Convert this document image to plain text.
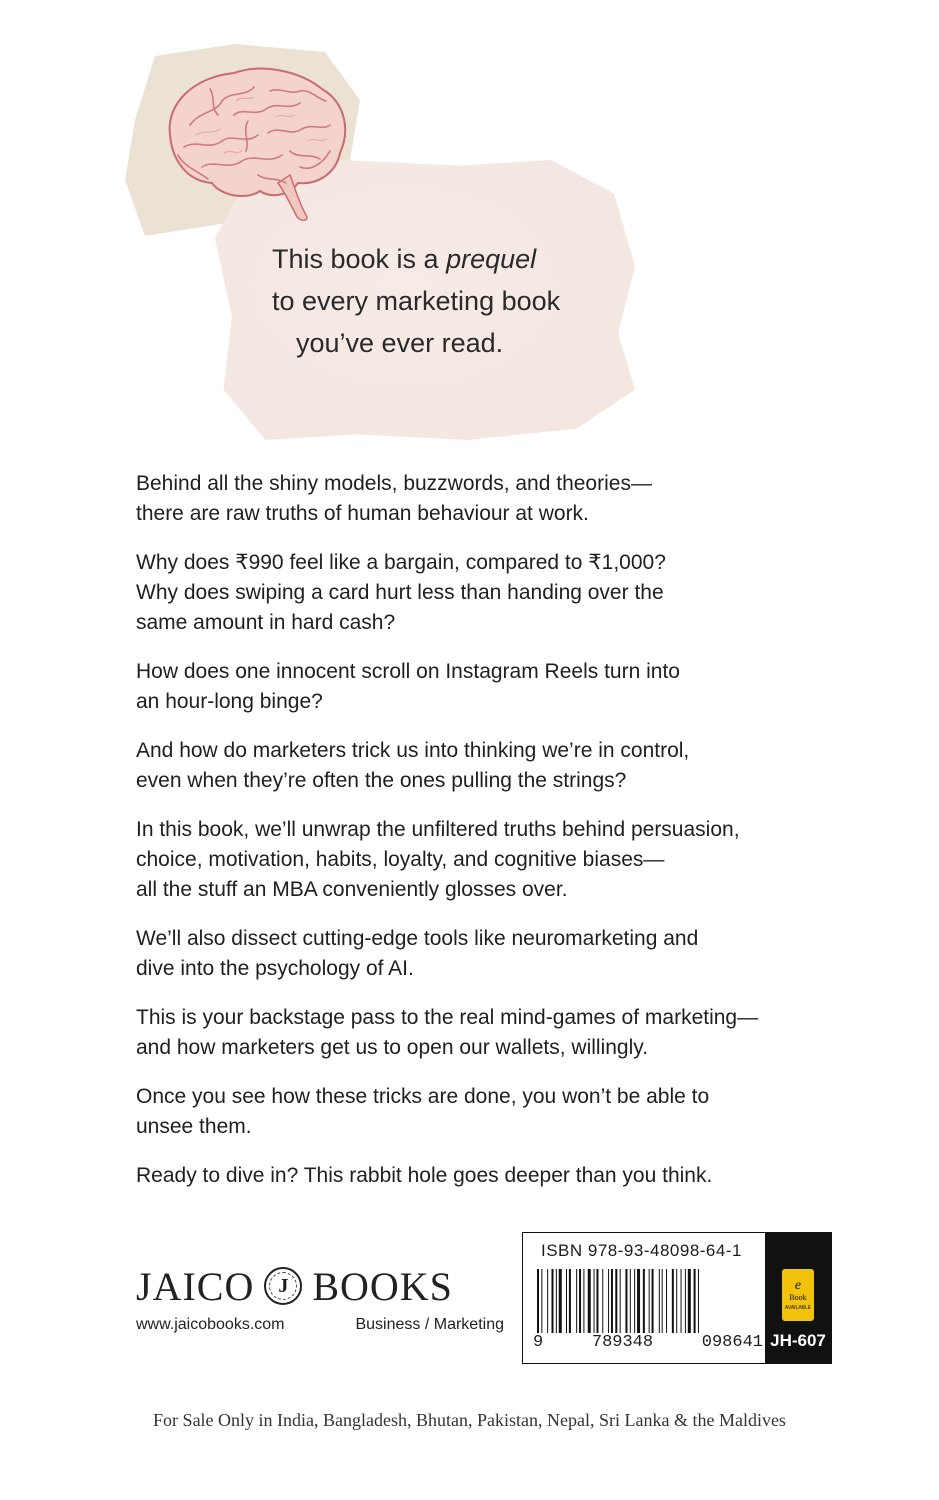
This book is a prequel
to every marketing book
you’ve ever read.

Behind all the shiny models, buzzwords, and theories—
there are raw truths of human behaviour at work.

Why does ₹990 feel like a bargain, compared to ₹1,000?
Why does swiping a card hurt less than handing over the
same amount in hard cash?

How does one innocent scroll on Instagram Reels turn into
an hour-long binge?

And how do marketers trick us into thinking we’re in control,
even when they’re often the ones pulling the strings?

In this book, we’ll unwrap the unfiltered truths behind persuasion,
choice, motivation, habits, loyalty, and cognitive biases—
all the stuff an MBA conveniently glosses over.

We’ll also dissect cutting-edge tools like neuromarketing and
dive into the psychology of AI.

This is your backstage pass to the real mind-games of marketing—
and how marketers get us to open our wallets, willingly.

Once you see how these tricks are done, you won’t be able to
unsee them.

Ready to dive in? This rabbit hole goes deeper than you think.

JAICO J BOOKS
www.jaicobooks.com	Business / Marketing
ISBN 978-93-48098-64-1
9	789348	098641
e
Book
AVAILABLE
JH-607
For Sale Only in India, Bangladesh, Bhutan, Pakistan, Nepal, Sri Lanka & the Maldives
